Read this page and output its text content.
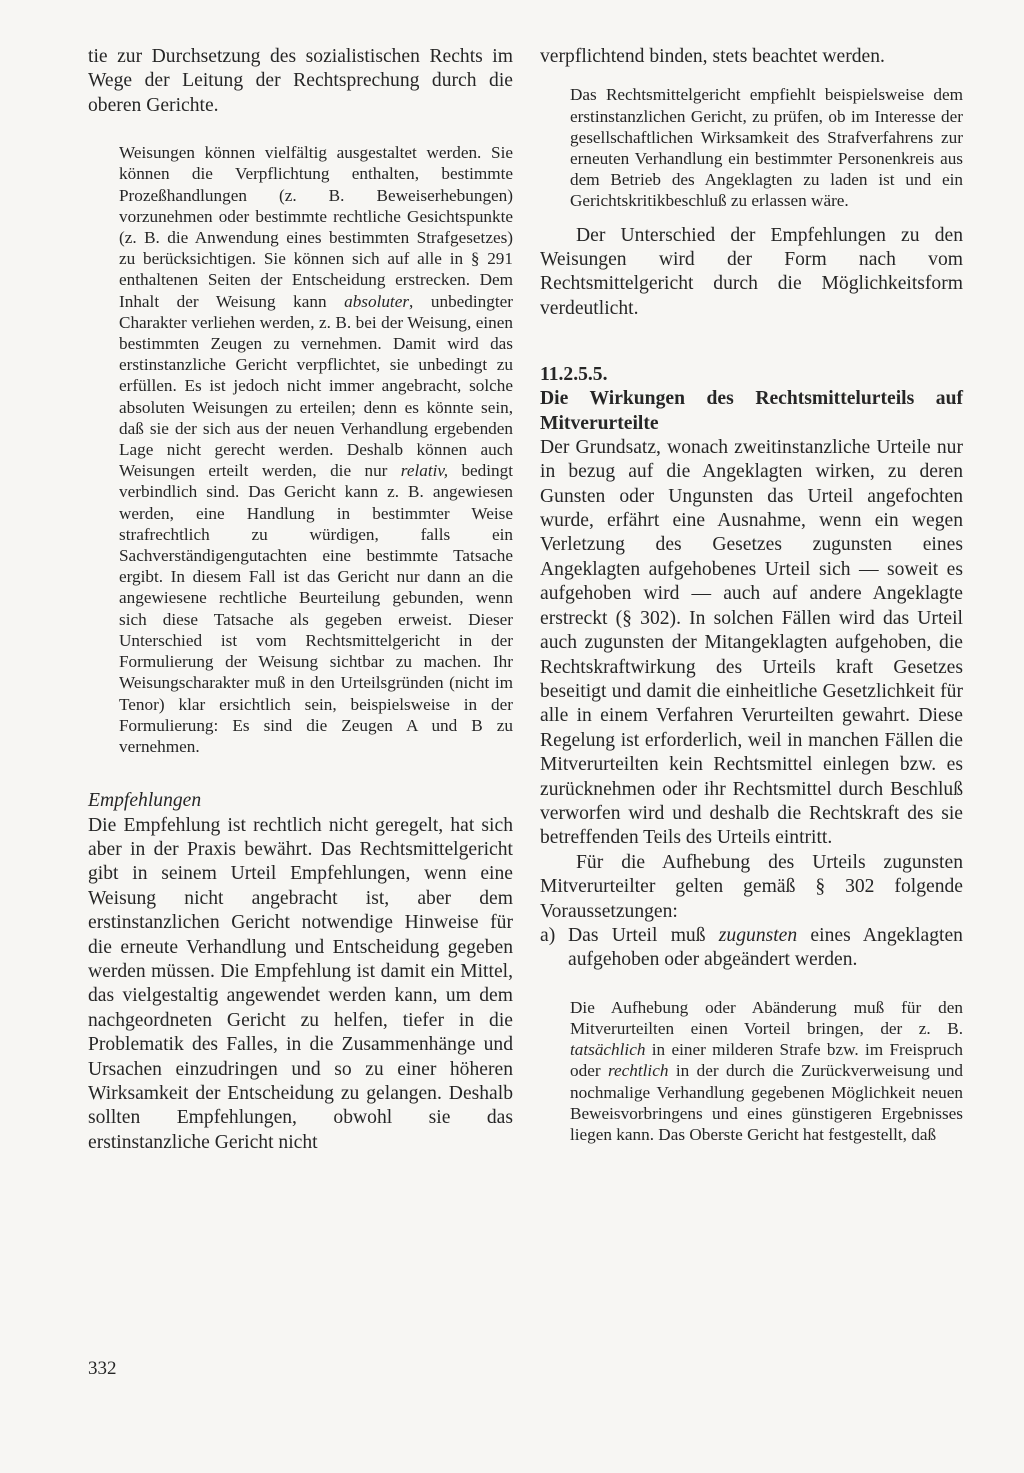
tie zur Durchsetzung des sozialistischen Rechts im Wege der Leitung der Rechtsprechung durch die oberen Gerichte.

Weisungen können vielfältig ausgestaltet werden. Sie können die Verpflichtung enthalten, bestimmte Prozeßhandlungen (z. B. Beweiserhebungen) vorzunehmen oder bestimmte rechtliche Gesichtspunkte (z. B. die Anwendung eines bestimmten Strafgesetzes) zu berücksichtigen. Sie können sich auf alle in § 291 enthaltenen Seiten der Entscheidung erstrecken. Dem Inhalt der Weisung kann absoluter, unbedingter Charakter verliehen werden, z. B. bei der Weisung, einen bestimmten Zeugen zu vernehmen. Damit wird das erstinstanzliche Gericht verpflichtet, sie unbedingt zu erfüllen. Es ist jedoch nicht immer angebracht, solche absoluten Weisungen zu erteilen; denn es könnte sein, daß sie der sich aus der neuen Verhandlung ergebenden Lage nicht gerecht werden. Deshalb können auch Weisungen erteilt werden, die nur relativ, bedingt verbindlich sind. Das Gericht kann z. B. angewiesen werden, eine Handlung in bestimmter Weise strafrechtlich zu würdigen, falls ein Sachverständigengutachten eine bestimmte Tatsache ergibt. In diesem Fall ist das Gericht nur dann an die angewiesene rechtliche Beurteilung gebunden, wenn sich diese Tatsache als gegeben erweist. Dieser Unterschied ist vom Rechtsmittelgericht in der Formulierung der Weisung sichtbar zu machen. Ihr Weisungscharakter muß in den Urteilsgründen (nicht im Tenor) klar ersichtlich sein, beispielsweise in der Formulierung: Es sind die Zeugen A und B zu vernehmen.

Empfehlungen

Die Empfehlung ist rechtlich nicht geregelt, hat sich aber in der Praxis bewährt. Das Rechtsmittelgericht gibt in seinem Urteil Empfehlungen, wenn eine Weisung nicht angebracht ist, aber dem erstinstanzlichen Gericht notwendige Hinweise für die erneute Verhandlung und Entscheidung gegeben werden müssen. Die Empfehlung ist damit ein Mittel, das vielgestaltig angewendet werden kann, um dem nachgeordneten Gericht zu helfen, tiefer in die Problematik des Falles, in die Zusammenhänge und Ursachen einzudringen und so zu einer höheren Wirksamkeit der Entscheidung zu gelangen. Deshalb sollten Empfehlungen, obwohl sie das erstinstanzliche Gericht nicht

verpflichtend binden, stets beachtet werden.

Das Rechtsmittelgericht empfiehlt beispielsweise dem erstinstanzlichen Gericht, zu prüfen, ob im Interesse der gesellschaftlichen Wirksamkeit des Strafverfahrens zur erneuten Verhandlung ein bestimmter Personenkreis aus dem Betrieb des Angeklagten zu laden ist und ein Gerichtskritikbeschluß zu erlassen wäre.

Der Unterschied der Empfehlungen zu den Weisungen wird der Form nach vom Rechtsmittelgericht durch die Möglichkeitsform verdeutlicht.

11.2.5.5.

Die Wirkungen des Rechtsmittelurteils auf Mitverurteilte

Der Grundsatz, wonach zweitinstanzliche Urteile nur in bezug auf die Angeklagten wirken, zu deren Gunsten oder Ungunsten das Urteil angefochten wurde, erfährt eine Ausnahme, wenn ein wegen Verletzung des Gesetzes zugunsten eines Angeklagten aufgehobenes Urteil sich — soweit es aufgehoben wird — auch auf andere Angeklagte erstreckt (§ 302). In solchen Fällen wird das Urteil auch zugunsten der Mitangeklagten aufgehoben, die Rechtskraftwirkung des Urteils kraft Gesetzes beseitigt und damit die einheitliche Gesetzlichkeit für alle in einem Verfahren Verurteilten gewahrt. Diese Regelung ist erforderlich, weil in manchen Fällen die Mitverurteilten kein Rechtsmittel einlegen bzw. es zurücknehmen oder ihr Rechtsmittel durch Beschluß verworfen wird und deshalb die Rechtskraft des sie betreffenden Teils des Urteils eintritt.

Für die Aufhebung des Urteils zugunsten Mitverurteilter gelten gemäß § 302 folgende Voraussetzungen:

a) Das Urteil muß zugunsten eines Angeklagten aufgehoben oder abgeändert werden.

Die Aufhebung oder Abänderung muß für den Mitverurteilten einen Vorteil bringen, der z. B. tatsächlich in einer milderen Strafe bzw. im Freispruch oder rechtlich in der durch die Zurückverweisung und nochmalige Verhandlung gegebenen Möglichkeit neuen Beweisvorbringens und eines günstigeren Ergebnisses liegen kann. Das Oberste Gericht hat festgestellt, daß

332
